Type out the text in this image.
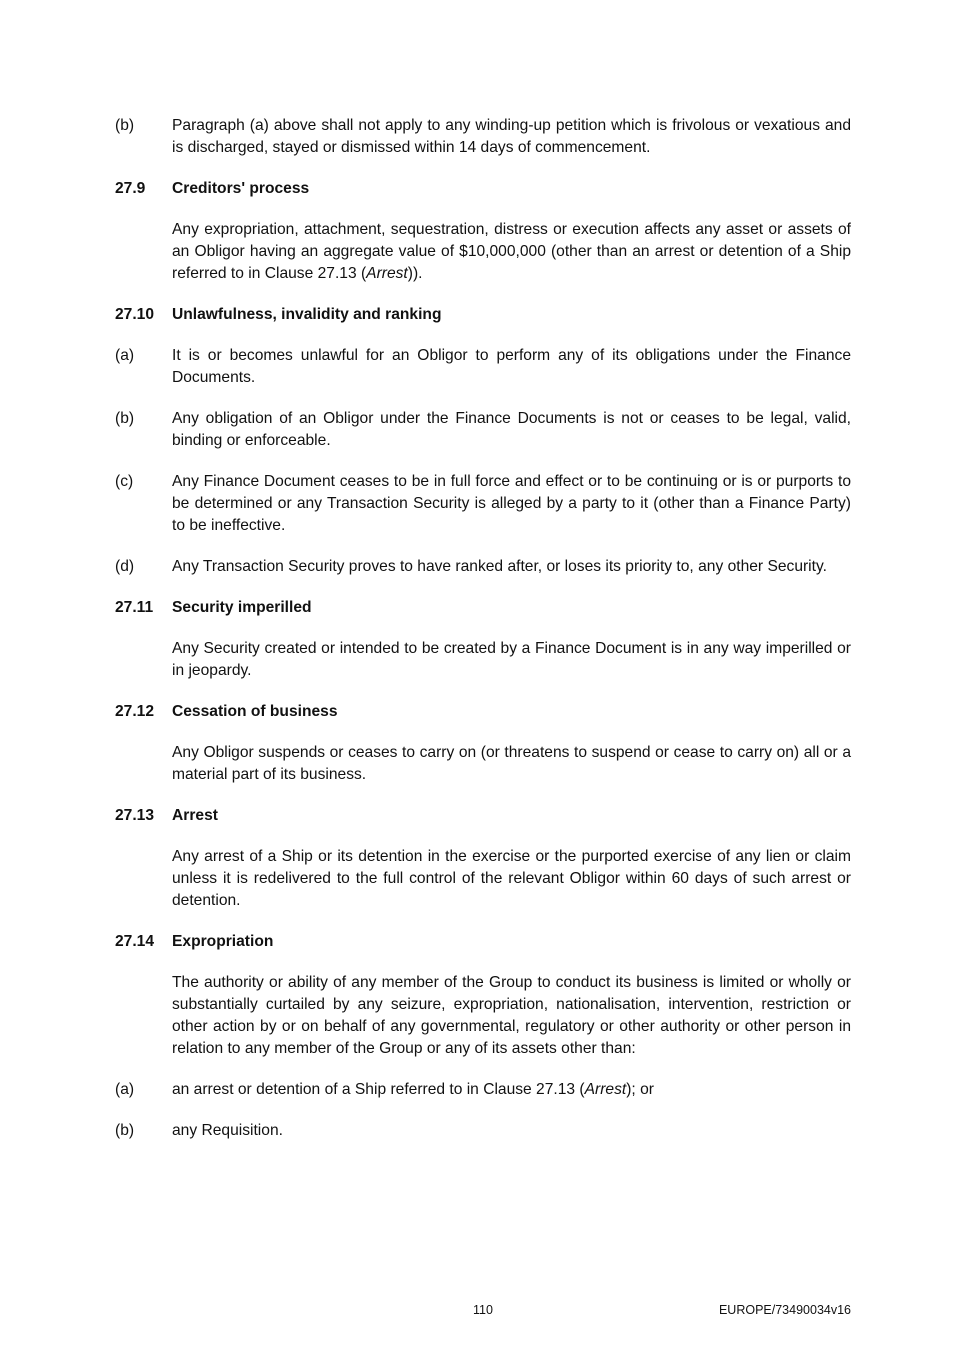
(b)	Paragraph (a) above shall not apply to any winding-up petition which is frivolous or vexatious and is discharged, stayed or dismissed within 14 days of commencement.
27.9	Creditors' process
Any expropriation, attachment, sequestration, distress or execution affects any asset or assets of an Obligor having an aggregate value of $10,000,000 (other than an arrest or detention of a Ship referred to in Clause 27.13 (Arrest)).
27.10	Unlawfulness, invalidity and ranking
(a)	It is or becomes unlawful for an Obligor to perform any of its obligations under the Finance Documents.
(b)	Any obligation of an Obligor under the Finance Documents is not or ceases to be legal, valid, binding or enforceable.
(c)	Any Finance Document ceases to be in full force and effect or to be continuing or is or purports to be determined or any Transaction Security is alleged by a party to it (other than a Finance Party) to be ineffective.
(d)	Any Transaction Security proves to have ranked after, or loses its priority to, any other Security.
27.11	Security imperilled
Any Security created or intended to be created by a Finance Document is in any way imperilled or in jeopardy.
27.12	Cessation of business
Any Obligor suspends or ceases to carry on (or threatens to suspend or cease to carry on) all or a material part of its business.
27.13	Arrest
Any arrest of a Ship or its detention in the exercise or the purported exercise of any lien or claim unless it is redelivered to the full control of the relevant Obligor within 60 days of such arrest or detention.
27.14	Expropriation
The authority or ability of any member of the Group to conduct its business is limited or wholly or substantially curtailed by any seizure, expropriation, nationalisation, intervention, restriction or other action by or on behalf of any governmental, regulatory or other authority or other person in relation to any member of the Group or any of its assets other than:
(a)	an arrest or detention of a Ship referred to in Clause 27.13 (Arrest); or
(b)	any Requisition.
110	EUROPE/73490034v16
